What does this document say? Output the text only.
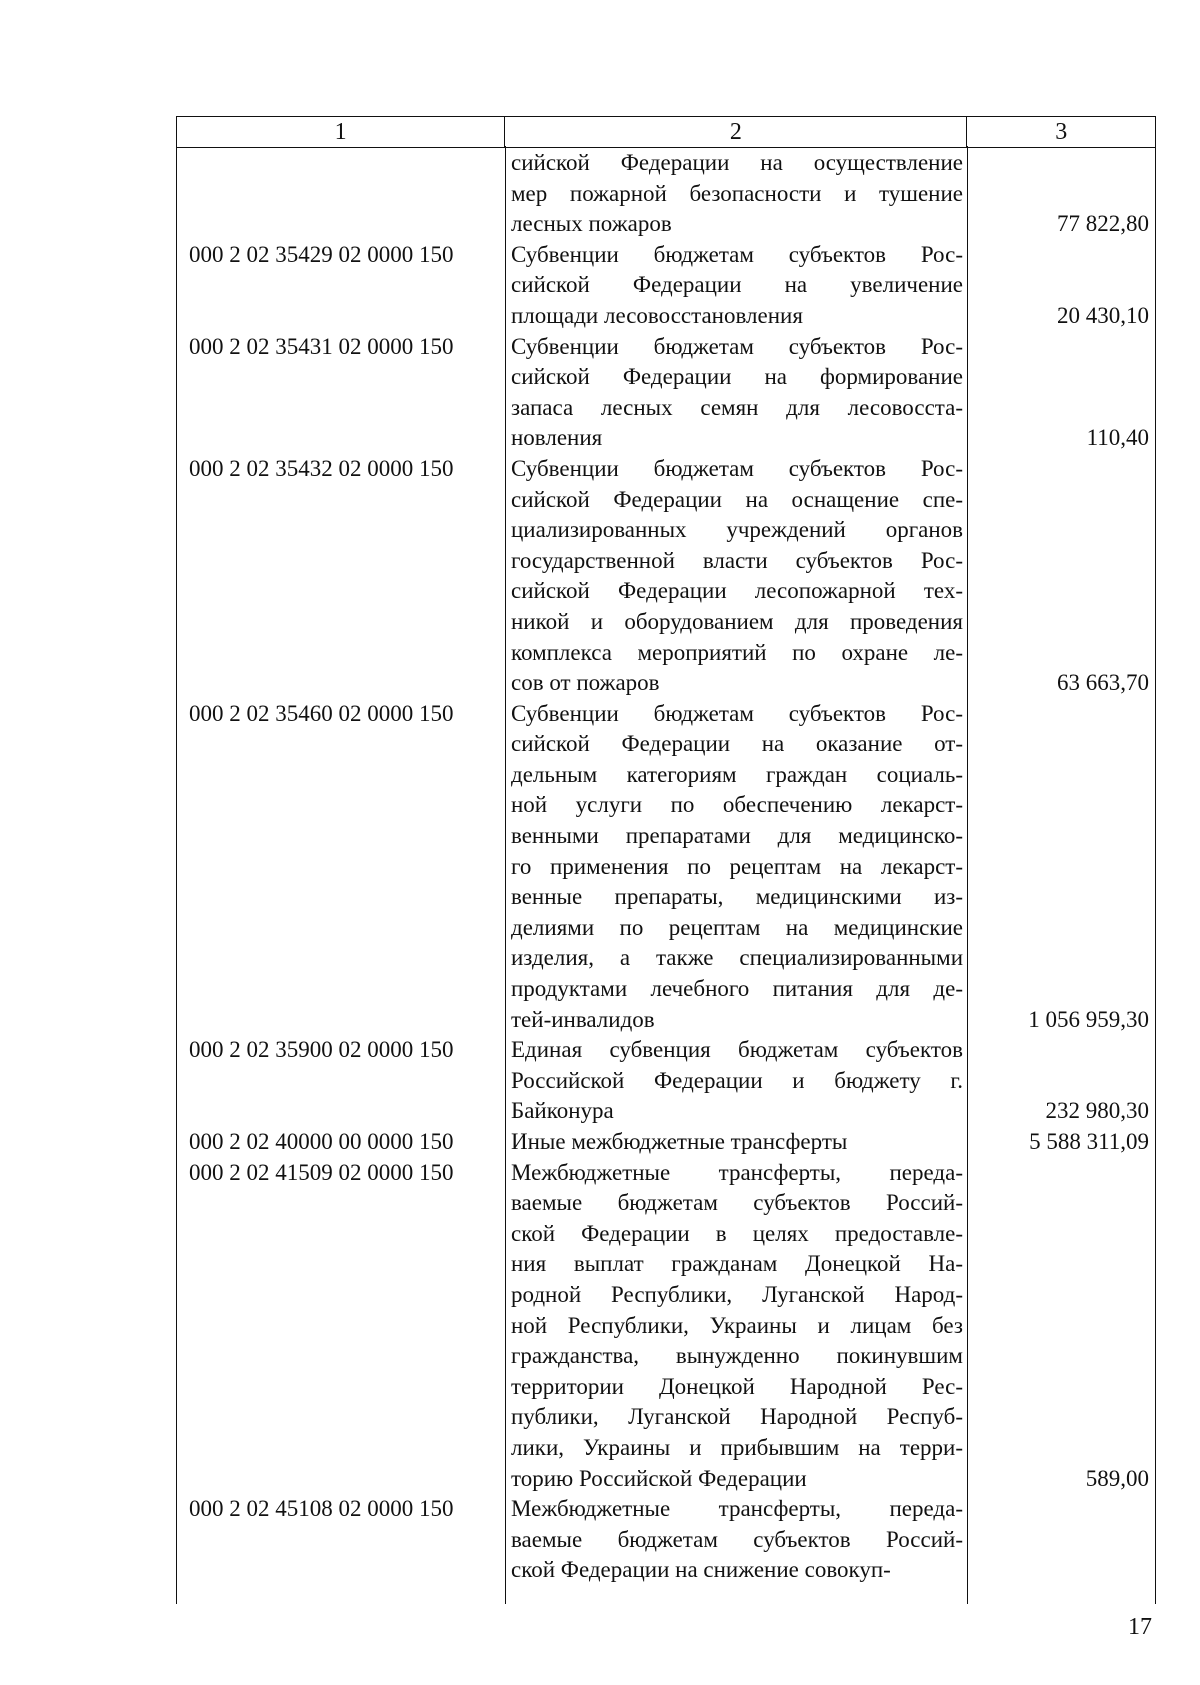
1	2	3
сийской Федерации на осуществление
мер пожарной безопасности и тушение
лесных пожаров	77 822,80
000 2 02 35429 02 0000 150	Субвенции бюджетам субъектов Рос-
сийской Федерации на увеличение
площади лесовосстановления	20 430,10
000 2 02 35431 02 0000 150	Субвенции бюджетам субъектов Рос-
сийской Федерации на формирование
запаса лесных семян для лесовосста-
новления	110,40
000 2 02 35432 02 0000 150	Субвенции бюджетам субъектов Рос-
сийской Федерации на оснащение спе-
циализированных учреждений органов
государственной власти субъектов Рос-
сийской Федерации лесопожарной тех-
никой и оборудованием для проведения
комплекса мероприятий по охране ле-
сов от пожаров	63 663,70
000 2 02 35460 02 0000 150	Субвенции бюджетам субъектов Рос-
сийской Федерации на оказание от-
дельным категориям граждан социаль-
ной услуги по обеспечению лекарст-
венными препаратами для медицинско-
го применения по рецептам на лекарст-
венные препараты, медицинскими из-
делиями по рецептам на медицинские
изделия, а также специализированными
продуктами лечебного питания для де-
тей-инвалидов	1 056 959,30
000 2 02 35900 02 0000 150	Единая субвенция бюджетам субъектов
Российской Федерации и бюджету г.
Байконура	232 980,30
000 2 02 40000 00 0000 150	Иные межбюджетные трансферты	5 588 311,09
000 2 02 41509 02 0000 150	Межбюджетные трансферты, переда-
ваемые бюджетам субъектов Россий-
ской Федерации в целях предоставле-
ния выплат гражданам Донецкой На-
родной Республики, Луганской Народ-
ной Республики, Украины и лицам без
гражданства, вынужденно покинувшим
территории Донецкой Народной Рес-
публики, Луганской Народной Респуб-
лики, Украины и прибывшим на терри-
торию Российской Федерации	589,00
000 2 02 45108 02 0000 150	Межбюджетные трансферты, переда-
ваемые бюджетам субъектов Россий-
ской Федерации на снижение совокуп-
17
